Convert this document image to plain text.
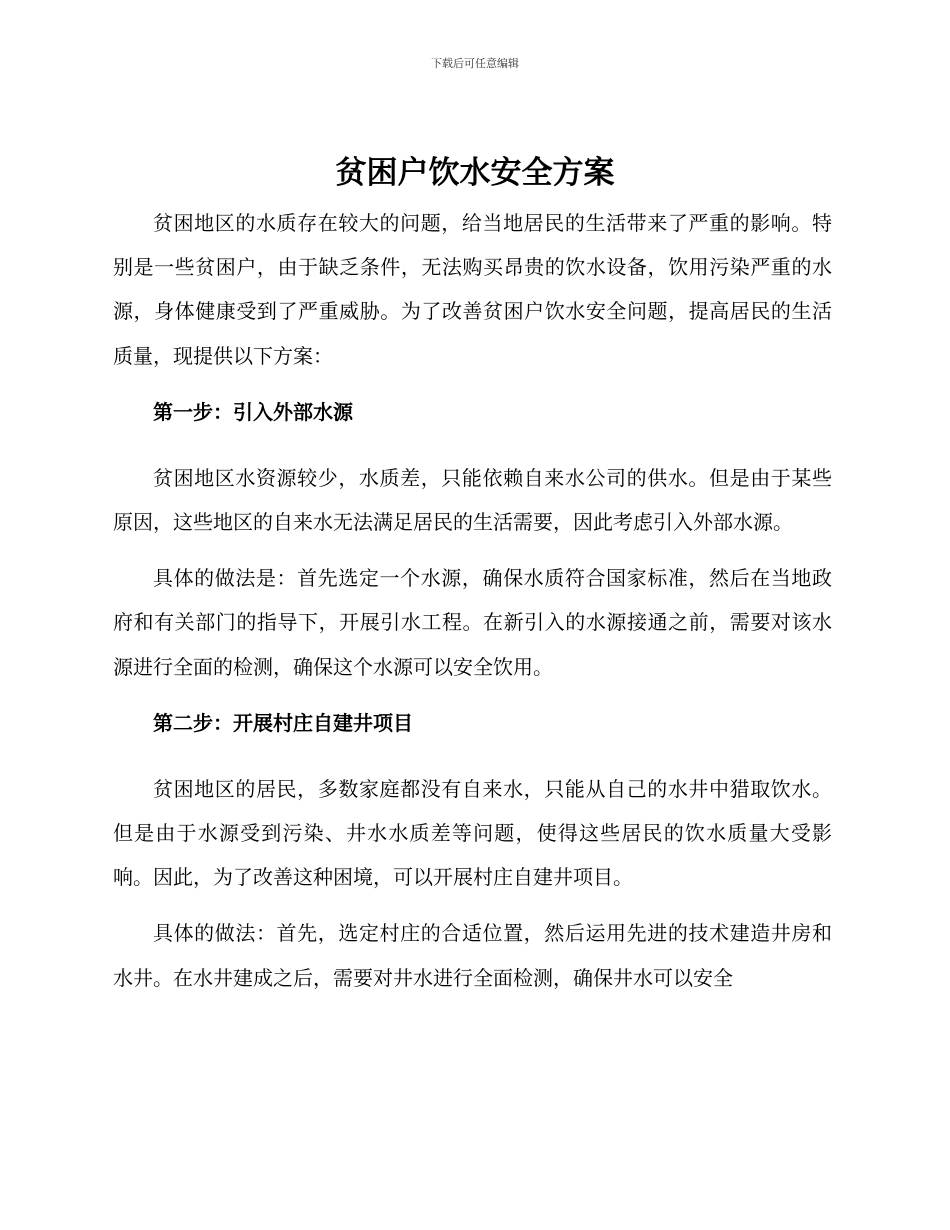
下载后可任意编辑
贫困户饮水安全方案

贫困地区的水质存在较大的问题，给当地居民的生活带来了严重的影响。特别是一些贫困户，由于缺乏条件，无法购买昂贵的饮水设备，饮用污染严重的水源，身体健康受到了严重威胁。为了改善贫困户饮水安全问题，提高居民的生活质量，现提供以下方案：

第一步：引入外部水源

贫困地区水资源较少，水质差，只能依赖自来水公司的供水。但是由于某些原因，这些地区的自来水无法满足居民的生活需要，因此考虑引入外部水源。

具体的做法是：首先选定一个水源，确保水质符合国家标准，然后在当地政府和有关部门的指导下，开展引水工程。在新引入的水源接通之前，需要对该水源进行全面的检测，确保这个水源可以安全饮用。

第二步：开展村庄自建井项目

贫困地区的居民，多数家庭都没有自来水，只能从自己的水井中猎取饮水。但是由于水源受到污染、井水水质差等问题，使得这些居民的饮水质量大受影响。因此，为了改善这种困境，可以开展村庄自建井项目。

具体的做法：首先，选定村庄的合适位置，然后运用先进的技术建造井房和水井。在水井建成之后，需要对井水进行全面检测，确保井水可以安全
